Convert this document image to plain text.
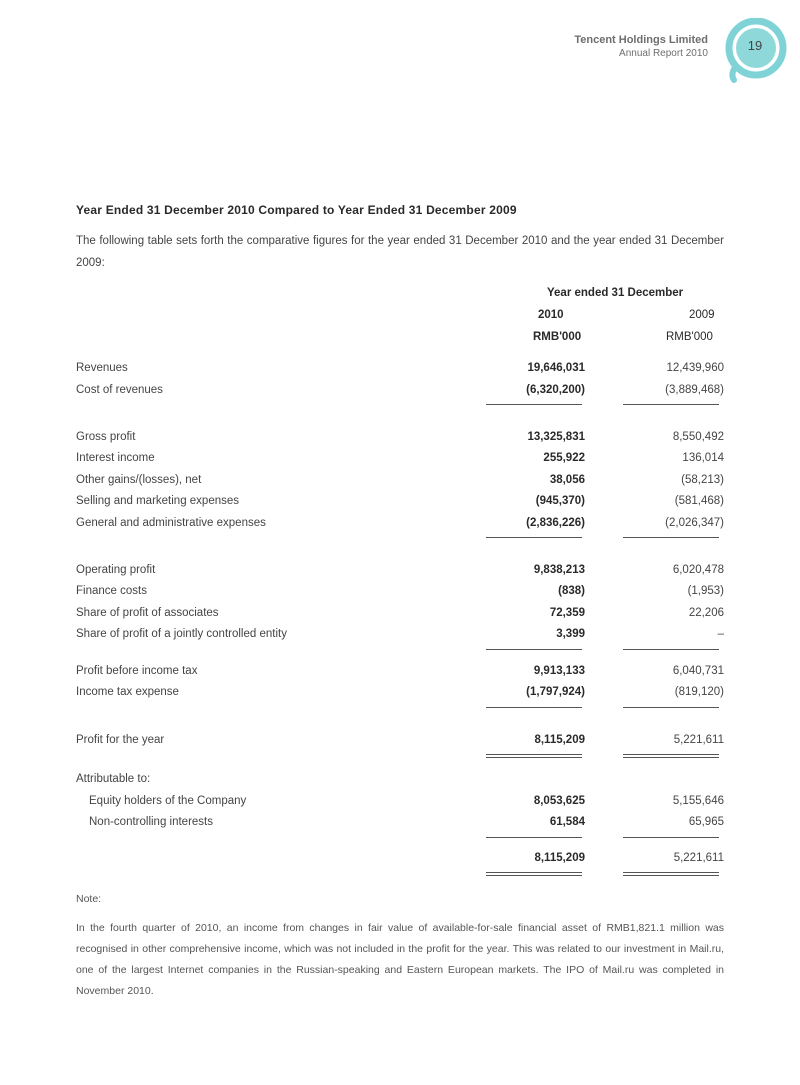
Tencent Holdings Limited
Annual Report 2010
19
Year Ended 31 December 2010 Compared to Year Ended 31 December 2009
The following table sets forth the comparative figures for the year ended 31 December 2010 and the year ended 31 December 2009:
Year ended 31 December
2010	2009
RMB'000	RMB'000
Revenues	19,646,031	12,439,960
Cost of revenues	(6,320,200)	(3,889,468)
Gross profit	13,325,831	8,550,492
Interest income	255,922	136,014
Other gains/(losses), net	38,056	(58,213)
Selling and marketing expenses	(945,370)	(581,468)
General and administrative expenses	(2,836,226)	(2,026,347)
Operating profit	9,838,213	6,020,478
Finance costs	(838)	(1,953)
Share of profit of associates	72,359	22,206
Share of profit of a jointly controlled entity	3,399	–
Profit before income tax	9,913,133	6,040,731
Income tax expense	(1,797,924)	(819,120)
Profit for the year	8,115,209	5,221,611
Attributable to:
Equity holders of the Company	8,053,625	5,155,646
Non-controlling interests	61,584	65,965
8,115,209	5,221,611
Note:
In the fourth quarter of 2010, an income from changes in fair value of available-for-sale financial asset of RMB1,821.1 million was recognised in other comprehensive income, which was not included in the profit for the year. This was related to our investment in Mail.ru, one of the largest Internet companies in the Russian-speaking and Eastern European markets. The IPO of Mail.ru was completed in November 2010.
